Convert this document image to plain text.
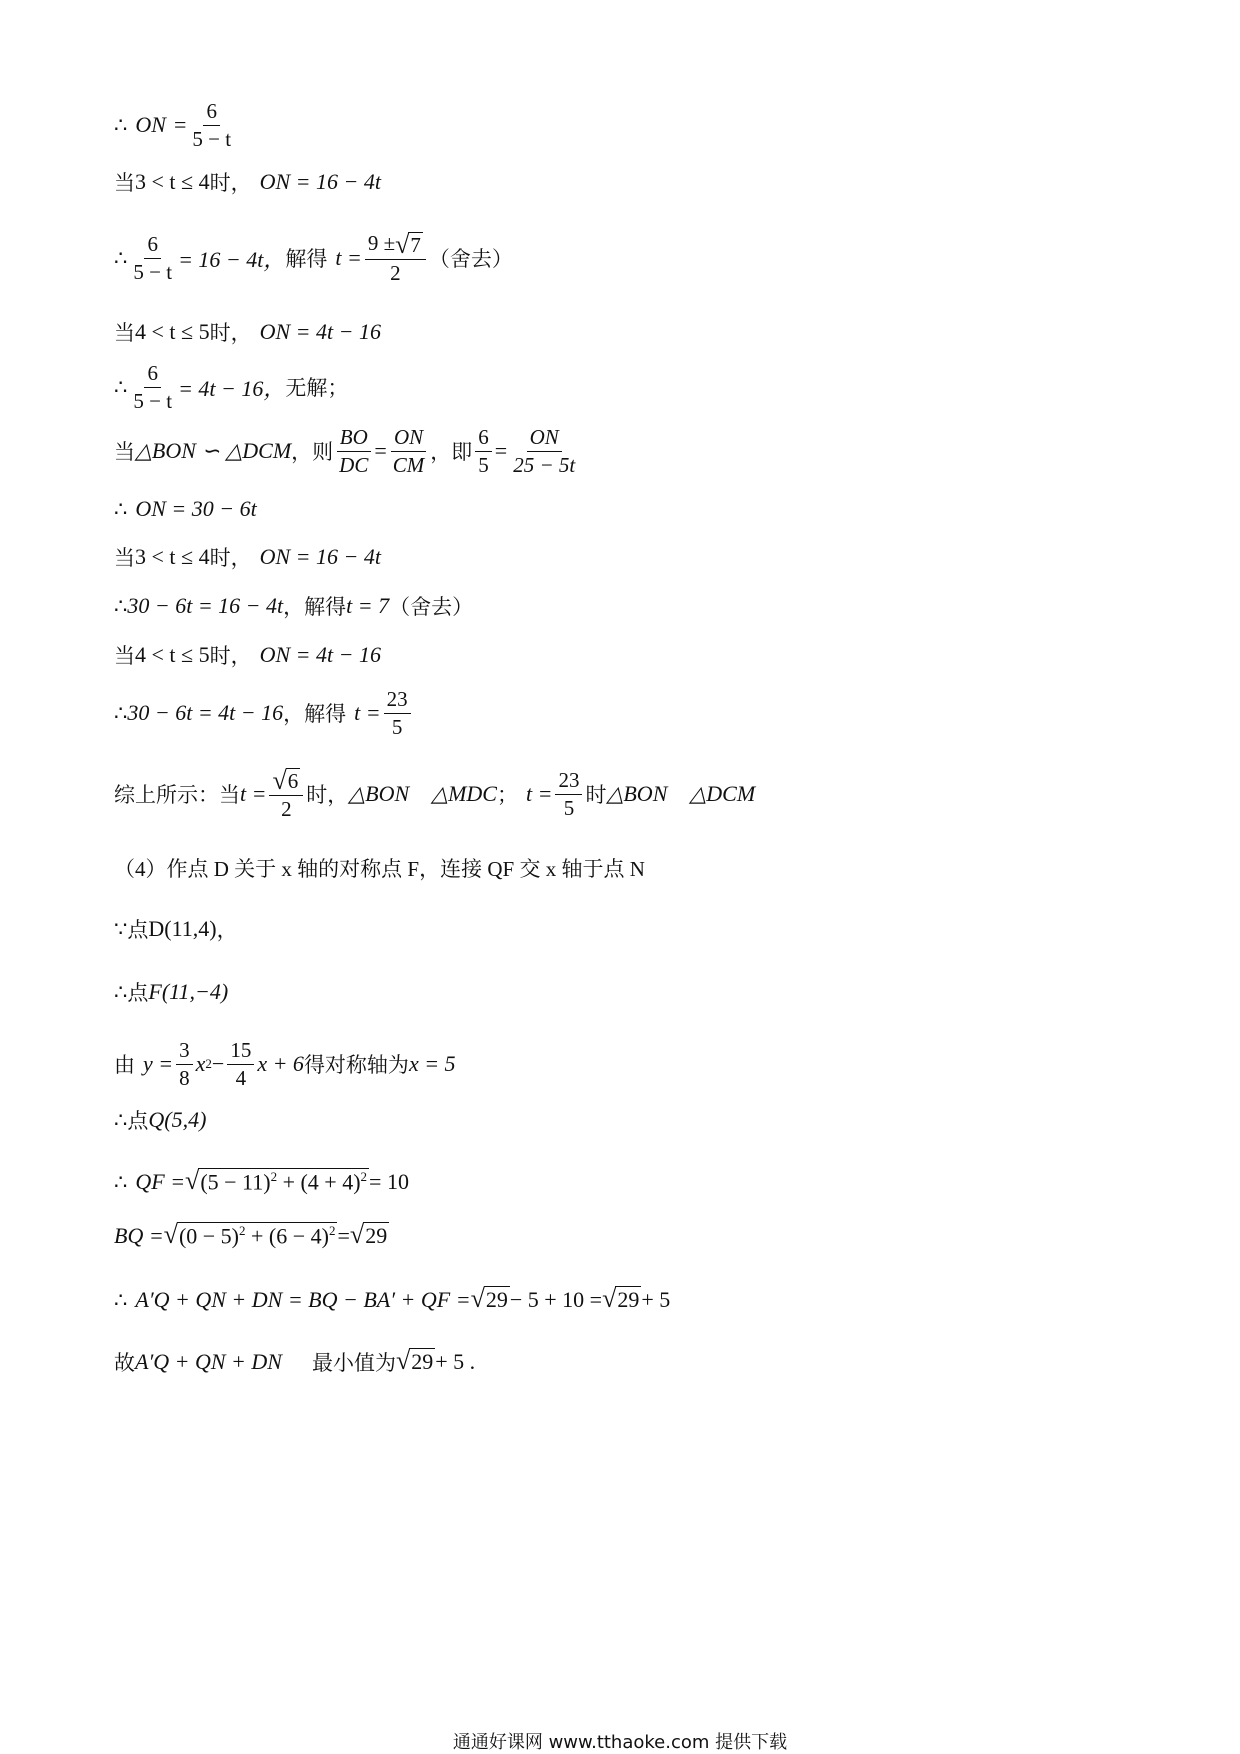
∴ ON = $\frac{6}{5 - t}$
当 3 < t ≤ 4 时， ON = 16 − 4t
∴ $\frac{6}{5 - t} = 16 - 4t$， 解得 $t = \frac{9 \pm √ 7}{2}$ （舍去）
当 4 < t ≤ 5 时， ON = 4t − 16
∴ $\frac{6}{5 - t} = 4t - 16$， 无解；
当 △BON ∽ △DCM ，则 $\frac{BO}{DC} = \frac{ON}{CM}$ ，即 $\frac{6}{5} = \frac{ON}{25 - 5t}$
∴ ON = 30 − 6t
当 3 < t ≤ 4 时， ON = 16 − 4t
∴ 30 − 6t = 16 − 4t ，解得 t = 7 （舍去）
当 4 < t ≤ 5 时， ON = 4t − 16
∴ 30 − 6t = 4t − 16 ，解得 $t = \frac{23}{5}$
综上所示：当 $t = \frac{√ 6}{2}$ 时， △BON △MDC ； $t = \frac{23}{5}$ 时 △BON △DCM
（4）作点 D 关于 x 轴的对称点 F，连接 QF 交 x 轴于点 N
∵ 点 D(11,4) ，
∴ 点 F(11,−4)
由 $y = \frac{3}{8}$ x $2 - \frac{15}{4}$ x + 6 得对称轴为 x = 5
∴ 点 Q(5,4)
∴ QF = √ $(5 - 11)^2 + (4 + 4)^2 = 10$
BQ = √ $(0 - 5)^2 + (6 - 4)^2$ = √ 29
∴ A′Q + QN + DN = BQ − BA′ + QF = √ 29 − 5 + 10 = √ 29 + 5
故 A′Q + QN + DN 最小值为 √ 29 + 5 .
通通好课网 www.tthaoke.com 提供下载
